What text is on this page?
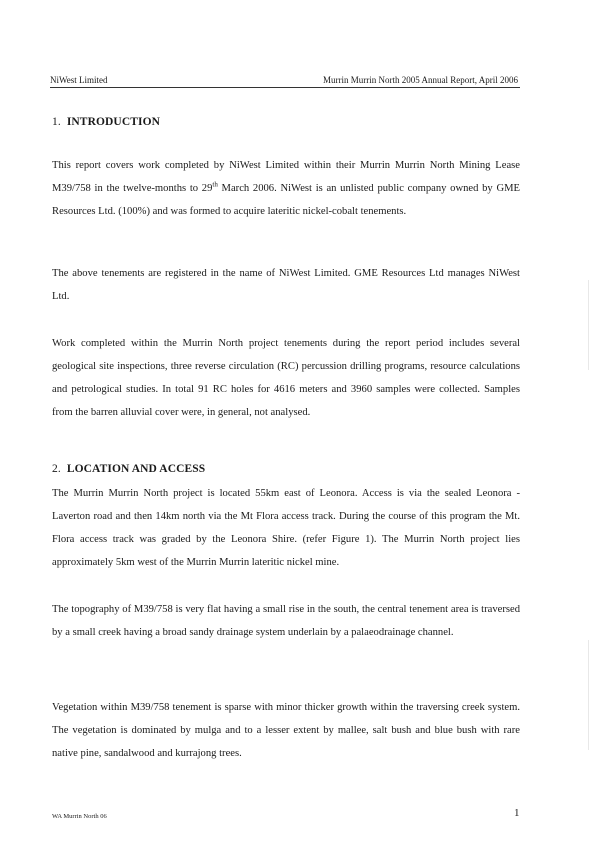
NiWest Limited	Murrin Murrin North 2005 Annual Report, April 2006
1. INTRODUCTION
This report covers work completed by NiWest Limited within their Murrin Murrin North Mining Lease M39/758 in the twelve-months to 29th March 2006. NiWest is an unlisted public company owned by GME Resources Ltd. (100%) and was formed to acquire lateritic nickel-cobalt tenements.
The above tenements are registered in the name of NiWest Limited. GME Resources Ltd manages NiWest Ltd.
Work completed within the Murrin North project tenements during the report period includes several geological site inspections, three reverse circulation (RC) percussion drilling programs, resource calculations and petrological studies. In total 91 RC holes for 4616 meters and 3960 samples were collected. Samples from the barren alluvial cover were, in general, not analysed.
2. LOCATION AND ACCESS
The Murrin Murrin North project is located 55km east of Leonora. Access is via the sealed Leonora - Laverton road and then 14km north via the Mt Flora access track. During the course of this program the Mt. Flora access track was graded by the Leonora Shire. (refer Figure 1). The Murrin North project lies approximately 5km west of the Murrin Murrin lateritic nickel mine.
The topography of M39/758 is very flat having a small rise in the south, the central tenement area is traversed by a small creek having a broad sandy drainage system underlain by a palaeodrainage channel.
Vegetation within M39/758 tenement is sparse with minor thicker growth within the traversing creek system. The vegetation is dominated by mulga and to a lesser extent by mallee, salt bush and blue bush with rare native pine, sandalwood and kurrajong trees.
WA Murrin North 06	1
